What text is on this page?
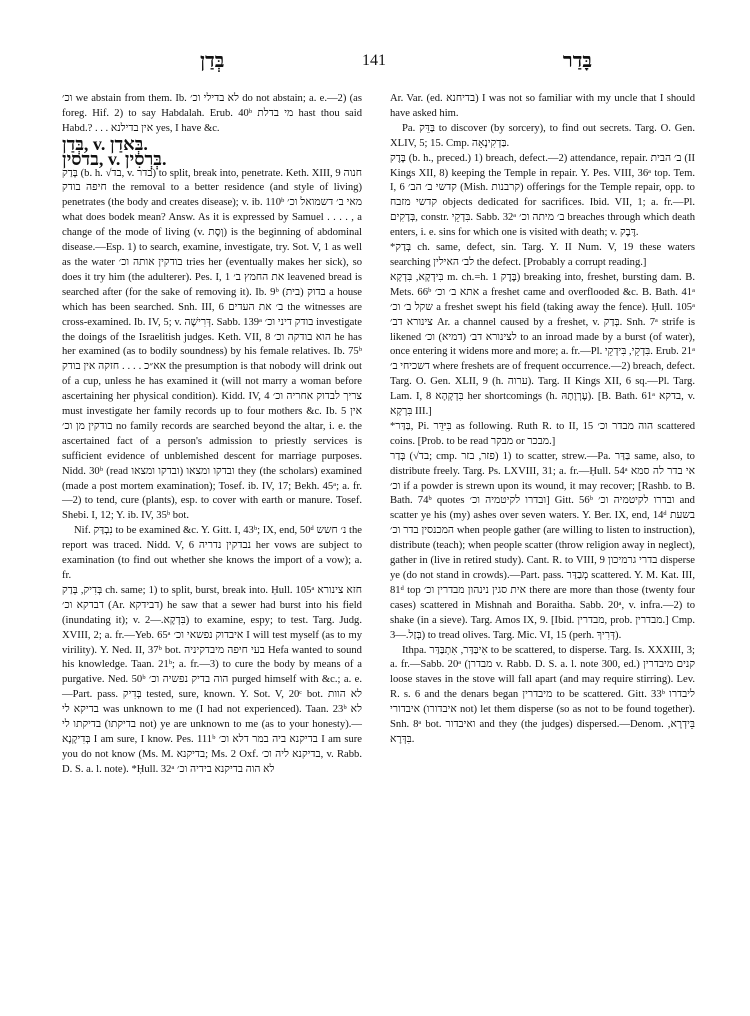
בְּדַן	141	בָּדַר

וכ׳ we abstain from them. Ib. לא בדילי וכ׳ do not abstain; a. e.—2) (as foreg. Hif. 2) to say Habdalah. Erub. 40ᵇ מי בדלת hast thou said Habd.? . . . אין בדילנא yes, I have &c.

בְּדַן, v. בְּאדַן.

בדסין, v. בְּרְסִין.

בָּדַק (b. h. √בד, v. בדר) to split, break into, penetrate. Keth. XIII, 9 חנוה חיפה בודק the removal to a better residence (and style of living) penetrates (the body and creates disease); v. ib. 110ᵇ מאי ב׳ דשמואל וכ׳ what does bodek mean? Answ. As it is expressed by Samuel . . . . , a change of the mode of living (v. וְסֶת) is the beginning of abdominal disease.—Esp. 1) to search, examine, investigate, try. Sot. V, 1 as well as the water בודקין אותה וכ׳ tries her (eventually makes her sick), so does it try him (the adulterer). Pes. I, 1 את החמץ ב׳ leavened bread is searched after (for the sake of removing it). Ib. 9ᵇ (בית) בדוק a house which has been searched. Snh. III, 6 ב׳ את העדים the witnesses are cross-examined. Ib. IV, 5; v. דְּרִישָׁה. Sabb. 139ᵃ בודק דיני וכ׳ investigate the doings of the Israelitish judges. Keth. VII, 8 הוא בודקה וכ׳ he has her examined (as to bodily soundness) by his female relatives. Ib. 75ᵇ אא״כ . . . . חזקה אין בודק the presumption is that nobody will drink out of a cup, unless he has examined it (will not marry a woman before ascertaining her physical condition). Kidd. IV, 4 צריך לבדוק אחריה וכ׳ must investigate her family records up to four mothers &c. Ib. 5 אין בודקין מן וכ׳ no family records are searched beyond the altar, i. e. the ascertained fact of a person's admission to priestly services is sufficient evidence of unblemished descent for marriage purposes. Nidd. 30ᵇ (read ובדקו ומצאו) ובדקו ומצאו they (the scholars) examined (made a post mortem examination); Tosef. ib. IV, 17; Bekh. 45ᵃ; a. fr.—2) to tend, cure (plants), esp. to cover with earth or manure. Tosef. Shebi. I, 12; Y. ib. IV, 35ᵇ bot.

Nif. נִבְדַּק to be examined &c. Y. Gitt. I, 43ᵇ; IX, end, 50ᵈ נ׳ חשש the report was traced. Nidd. V, 6 נבדקין נדריה her vows are subject to examination (to find out whether she knows the import of a vow); a. fr.

בְּדִיק, בְּדַק ch. same; 1) to split, burst, break into. Ḥull. 105ᵃ חזא צינורא דבדקא וכ׳ (Ar. דבידקא) he saw that a sewer had burst into his field (inundating it); v. בִּדְקָא.—2) to examine, espy; to test. Targ. Judg. XVIII, 2; a. fr.—Yeb. 65ᵃ איבדוק נפשאי וכ׳ I will test myself (as to my virility). Y. Ned. II, 37ᵇ bot. בעי חיפה מיבדקיניה Hefa wanted to sound his knowledge. Taan. 21ᵇ; a. fr.—3) to cure the body by means of a purgative. Ned. 50ᵇ הוה בדיק נפשיה וכ׳ purged himself with &c.; a. e.—Part. pass. בְּדִיק tested, sure, known. Y. Sot. V, 20ᶜ bot. לא הוות בדיקא לי was unknown to me (I had not experienced). Taan. 23ᵇ לא בדיקתו לי (בדיקתו not) ye are unknown to me (as to your honesty).—בְּדִיקָנָא I am sure, I know. Pes. 111ᵇ בדיקנא ביה במר דלא וכ׳ I am sure you do not know (Ms. M. בדיקנא; Ms. 2 Oxf. בדיקנא ליה וכ׳, v. Rabb. D. S. a. l. note). *Ḥull. 32ᵃ לא הוה בדיקנא בידיה וכ׳

Ar. Var. (ed. בדיחנא) I was not so familiar with my uncle that I should have asked him.

Pa. בַּדֵּק to discover (by sorcery), to find out secrets. Targ. O. Gen. XLIV, 5; 15. Cmp. בַּדְקִינָאָה.

בֶּדֶק (b. h., preced.) 1) breach, defect.—2) attendance, repair. ב׳ הבית (II Kings XII, 8) keeping the Temple in repair. Y. Pes. VIII, 36ᵃ top. Tem. I, 6 קדשי ב׳ הב׳ (Mish. קרבנות) offerings for the Temple repair, opp. to קדשי מזבח objects dedicated for sacrifices. Ibid. VII, 1; a. fr.—Pl. בְּדָקִים, constr. בִּדְקֵי. Sabb. 32ᵃ ב׳ מיתה וכ׳ breaches through which death enters, i. e. sins for which one is visited with death; v. דֶּבֶק.

*בְּדַק ch. same, defect, sin. Targ. Y. II Num. V, 19 these waters searching לב׳ האילין the defect. [Probably a corrupt reading.]

בִּידְקָא, בִּדְקָא m. ch.=h. בֶּדֶק 1) breaking into, freshet, bursting dam. B. Mets. 66ᵇ אתא ב׳ וכ׳ a freshet came and overflooded &c. B. Bath. 41ᵃ שקל ב׳ וכ׳ a freshet swept his field (taking away the fence). Ḥull. 105ᵃ צינורא דב׳ Ar. a channel caused by a freshet, v. בְּדַק. Snh. 7ᵃ strife is likened לצינורא דב׳ (דמיא) וכ׳ to an inroad made by a burst (of water), once entering it widens more and more; a. fr.—Pl. בִּדְקֵי, בִּידְקֵי. Erub. 21ᵃ דשכיחי ב׳ where freshets are of frequent occurrence.—2) breach, defect. Targ. O. Gen. XLII, 9 (h. ערוה). Targ. II Kings XII, 6 sq.—Pl. Targ. Lam. I, 8 בִּדְקָהָא her shortcomings (h. עֶרְוָתָהּ). [B. Bath. 61ᵃ בדקא, v. בִּרְקָא III.]

*בַּדַּר, Pi. בִּיּדֵּר as following. Ruth R. to II, 15 הוה מבדר וכ׳ scattered coins. [Prob. to be read מבקר or מבכר.]

בְּדַר (√בד; cmp. פזר, בזר) 1) to scatter, strew.—Pa. בַּדַּר same, also, to distribute freely. Targ. Ps. LXVIII, 31; a. fr.—Ḥull. 54ᵃ אי בדר לה סמא וכ׳ if a powder is strewn upon its wound, it may recover; [Rashb. to B. Bath. 74ᵇ quotes ובדרו לקיטמיה וכ׳] Gitt. 56ᵇ ובדרו לקיטמיה וכ׳ and scatter ye his (my) ashes over seven waters. Y. Ber. IX, end, 14ᵈ בשעת המכנסין בדר וכ׳ when people gather (are willing to listen to instruction), distribute (teach); when people scatter (throw religion away in neglect), gather in (live in retired study). Cant. R. to VIII, 9 בדרי גרמיכון disperse ye (do not stand in crowds).—Part. pass. מְבַדַּר scattered. Y. M. Kat. III, 81ᵈ top אית סגין נינהון מבדרין וכ׳ there are more than those (twenty four cases) scattered in Mishnah and Boraitha. Sabb. 20ᵃ, v. infra.—2) to shake (in a sieve). Targ. Amos IX, 9. [Ibid. מבדרין, prob. מבדרין.] Cmp. בְּזַל.—3) to tread olives. Targ. Mic. VI, 15 (perh. דְּרִיךְ).

Ithpa. אִיבַּדַּר, אִתְבַּדַּר to be scattered, to disperse. Targ. Is. XXXIII, 3; a. fr.—Sabb. 20ᵃ (מבדרן v. Rabb. D. S. a. l. note 300, ed.) קנים מיבדרין loose staves in the stove will fall apart (and may require stirring). Lev. R. s. 6 and the denars began מיבדרין to be scattered. Gitt. 33ᵇ ליבדרו איבדורי (איבדורו not) let them disperse (so as not to be found together). Snh. 8ᵃ bot. ואיבדור and they (the judges) dispersed.—Denom. בֵּידְרָא, בִּדְּרָא.
